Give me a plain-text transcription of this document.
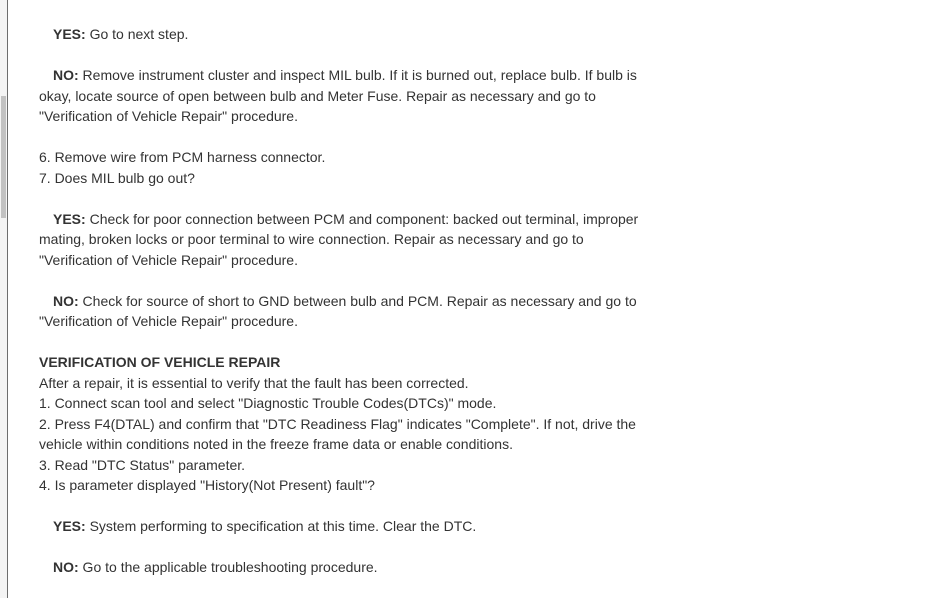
YES: Go to next step.

NO: Remove instrument cluster and inspect MIL bulb. If it is burned out, replace bulb. If bulb is okay, locate source of open between bulb and Meter Fuse. Repair as necessary and go to "Verification of Vehicle Repair" procedure.

6. Remove wire from PCM harness connector.

7. Does MIL bulb go out?

YES: Check for poor connection between PCM and component: backed out terminal, improper mating, broken locks or poor terminal to wire connection. Repair as necessary and go to "Verification of Vehicle Repair" procedure.

NO: Check for source of short to GND between bulb and PCM. Repair as necessary and go to "Verification of Vehicle Repair" procedure.

VERIFICATION OF VEHICLE REPAIR

After a repair, it is essential to verify that the fault has been corrected.

1. Connect scan tool and select "Diagnostic Trouble Codes(DTCs)" mode.

2. Press F4(DTAL) and confirm that "DTC Readiness Flag" indicates "Complete". If not, drive the vehicle within conditions noted in the freeze frame data or enable conditions.

3. Read "DTC Status" parameter.

4. Is parameter displayed "History(Not Present) fault"?

YES: System performing to specification at this time. Clear the DTC.

NO: Go to the applicable troubleshooting procedure.
